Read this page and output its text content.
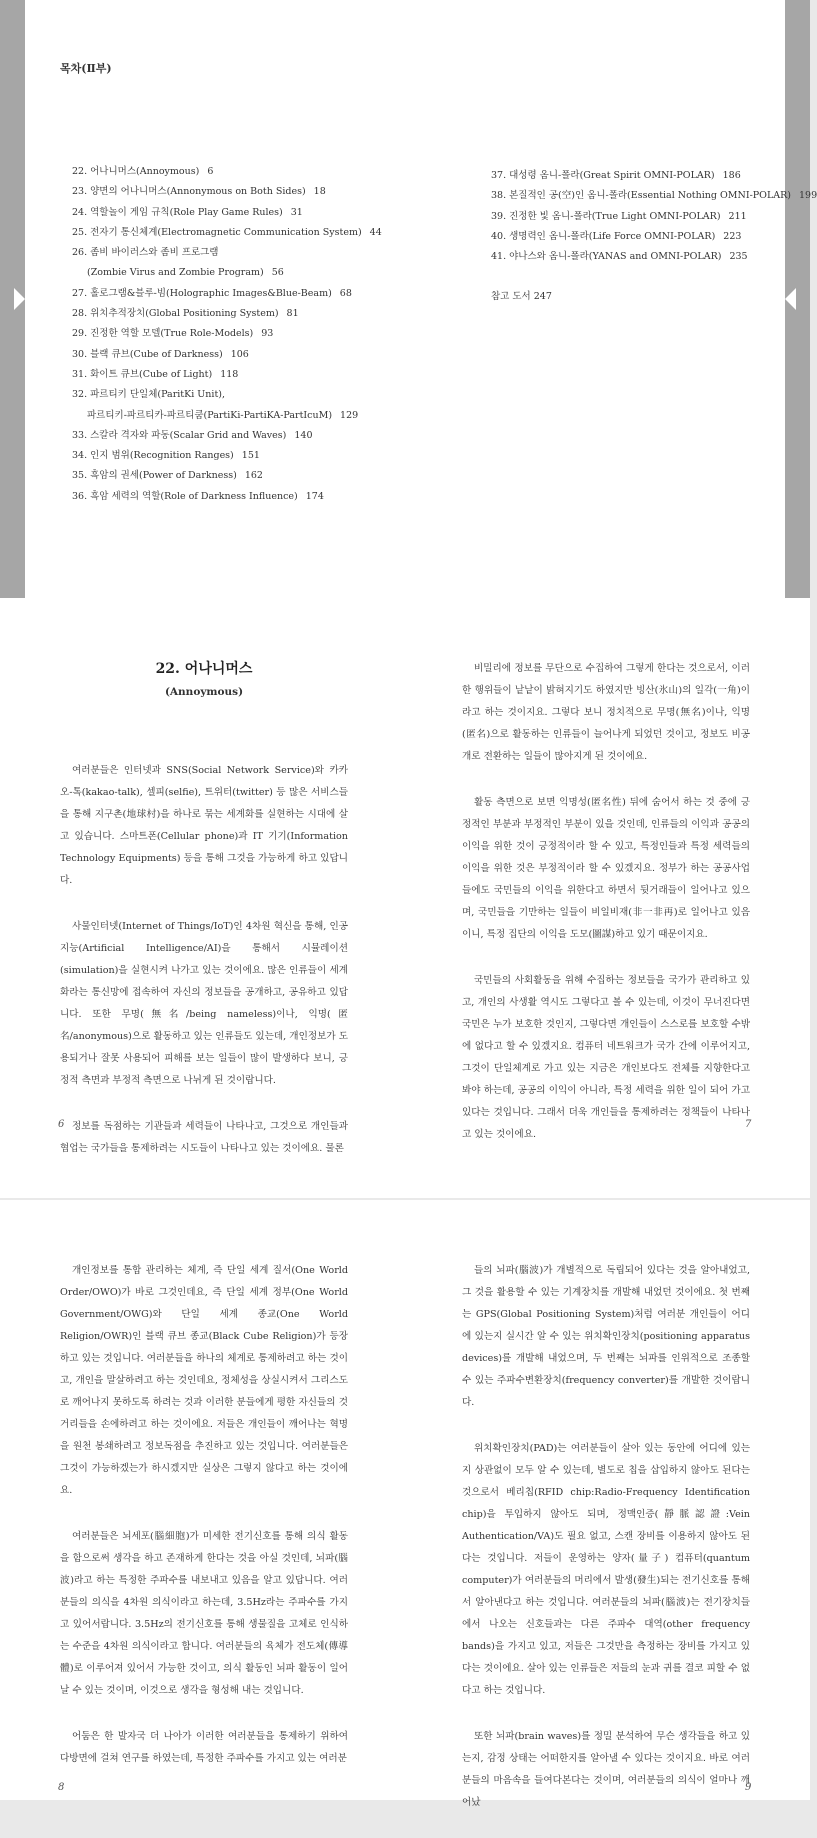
목차(Ⅱ부)
22. 어나니머스(Annoymous) 6
23. 양면의 어나니머스(Annonymous on Both Sides) 18
24. 역할놀이 게임 규칙(Role Play Game Rules) 31
25. 전자기 통신체계(Electromagnetic Communication System) 44
26. 좀비 바이러스와 좀비 프로그램
(Zombie Virus and Zombie Program) 56
27. 홀로그램&블루-빔(Holographic Images&Blue-Beam) 68
28. 위치추적장치(Global Positioning System) 81
29. 진정한 역할 모델(True Role-Models) 93
30. 블랙 큐브(Cube of Darkness) 106
31. 화이트 큐브(Cube of Light) 118
32. 파르티키 단일체(ParitKi Unit),
파르티키-파르티카-파르티쿰(PartiKi-PartiKA-PartIcuM) 129
33. 스칼라 격자와 파동(Scalar Grid and Waves) 140
34. 인지 범위(Recognition Ranges) 151
35. 흑암의 권세(Power of Darkness) 162
36. 흑암 세력의 역할(Role of Darkness Influence) 174
37. 대성령 옴니-폴라(Great Spirit OMNI-POLAR) 186
38. 본질적인 공(空)인 옴니-폴라(Essential Nothing OMNI-POLAR) 199
39. 진정한 빛 옴니-폴라(True Light OMNI-POLAR) 211
40. 생명력인 옴니-폴라(Life Force OMNI-POLAR) 223
41. 야나스와 옴니-폴라(YANAS and OMNI-POLAR) 235
참고 도서 247
22. 어나니머스
(Annoymous)

여러분들은 인터넷과 SNS(Social Network Service)와 카카오-톡(kakao-talk), 셀피(selfie), 트위터(twitter) 등 많은 서비스들을 통해 지구촌(地球村)을 하나로 묶는 세계화를 실현하는 시대에 살고 있습니다. 스마트폰(Cellular phone)과 IT 기기(Information Technology Equipments) 등을 통해 그것을 가능하게 하고 있답니다.

사물인터넷(Internet of Things/IoT)인 4차원 혁신을 통해, 인공지능(Artificial Intelligence/AI)을 통해서 시뮬레이션(simulation)을 실현시켜 나가고 있는 것이에요. 많은 인류들이 세계화라는 통신망에 접속하여 자신의 정보들을 공개하고, 공유하고 있답니다. 또한 무명(無名/being nameless)이나, 익명(匿名/anonymous)으로 활동하고 있는 인류들도 있는데, 개인정보가 도용되거나 잘못 사용되어 피해를 보는 일들이 많이 발생하다 보니, 긍정적 측면과 부정적 측면으로 나뉘게 된 것이랍니다.

정보를 독점하는 기관들과 세력들이 나타나고, 그것으로 개인들과 협업는 국가들을 통제하려는 시도들이 나타나고 있는 것이에요. 물론

비밀리에 정보를 무단으로 수집하여 그렇게 한다는 것으로서, 이러한 행위들이 낱낱이 밝혀지기도 하였지만 빙산(氷山)의 일각(一角)이라고 하는 것이지요. 그렇다 보니 정치적으로 무명(無名)이나, 익명(匿名)으로 활동하는 인류들이 늘어나게 되었던 것이고, 정보도 비공개로 전환하는 일들이 많아지게 된 것이에요.

활동 측면으로 보면 익명성(匿名性) 뒤에 숨어서 하는 것 중에 긍정적인 부분과 부정적인 부분이 있을 것인데, 인류들의 이익과 공공의 이익을 위한 것이 긍정적이라 할 수 있고, 특정인들과 특정 세력들의 이익을 위한 것은 부정적이라 할 수 있겠지요. 정부가 하는 공공사업들에도 국민들의 이익을 위한다고 하면서 뒷거래들이 일어나고 있으며, 국민들을 기만하는 일들이 비일비재(非一非再)로 일어나고 있음이니, 특정 집단의 이익을 도모(圖謀)하고 있기 때문이지요.

국민들의 사회활동을 위해 수집하는 정보들을 국가가 관리하고 있고, 개인의 사생활 역시도 그렇다고 볼 수 있는데, 이것이 무너진다면 국민은 누가 보호한 것인지, 그렇다면 개인들이 스스로를 보호할 수밖에 없다고 할 수 있겠지요. 컴퓨터 네트워크가 국가 간에 이루어지고, 그것이 단일체계로 가고 있는 지금은 개인보다도 전체를 지향한다고 봐야 하는데, 공공의 이익이 아니라, 특정 세력을 위한 일이 되어 가고 있다는 것입니다. 그래서 더욱 개인들을 통제하려는 정책들이 나타나고 있는 것이에요.

6	7

개인정보를 통합 관리하는 체계, 즉 단일 세계 질서(One World Order/OWO)가 바로 그것인데요, 즉 단일 세계 정부(One World Government/OWG)와 단일 세계 종교(One World Religion/OWR)인 블랙 큐브 종교(Black Cube Religion)가 등장하고 있는 것입니다. 여러분들을 하나의 체계로 통제하려고 하는 것이고, 개인을 말살하려고 하는 것인데요, 정체성을 상실시켜서 그리스도로 깨어나지 못하도록 하려는 것과 이러한 분들에게 평한 자신들의 것거리들을 손에하려고 하는 것이에요. 저들은 개인들이 깨어나는 혁명을 원천 봉쇄하려고 정보독점을 추진하고 있는 것입니다. 여러분들은 그것이 가능하겠는가 하시겠지만 실상은 그렇지 않다고 하는 것이에요.

여러분들은 뇌세포(腦細胞)가 미세한 전기신호를 통해 의식 활동을 함으로써 생각을 하고 존재하게 한다는 것을 아실 것인데, 뇌파(腦波)라고 하는 특정한 주파수를 내보내고 있음을 알고 있답니다. 여러분들의 의식을 4차원 의식이라고 하는데, 3.5Hz라는 주파수를 가지고 있어서랍니다. 3.5Hz의 전기신호를 통해 생물질을 고체로 인식하는 수준을 4차원 의식이라고 합니다. 여러분들의 육체가 전도체(傳導體)로 이루어져 있어서 가능한 것이고, 의식 활동인 뇌파 활동이 일어날 수 있는 것이며, 이것으로 생각을 형성해 내는 것입니다.

어둠은 한 발자국 더 나아가 이러한 여러분들을 통제하기 위하여 다방면에 걸쳐 연구를 하였는데, 특정한 주파수를 가지고 있는 여러분

들의 뇌파(腦波)가 개별적으로 독립되어 있다는 것을 알아내었고, 그 것을 활용할 수 있는 기계장치를 개발해 내었던 것이에요. 첫 번째는 GPS(Global Positioning System)처럼 여러분 개인들이 어디에 있는지 실시간 알 수 있는 위치확인장치(positioning apparatus devices)를 개발해 내었으며, 두 번째는 뇌파를 인위적으로 조종할 수 있는 주파수변환장치(frequency converter)를 개발한 것이랍니다.

위치확인장치(PAD)는 여러분들이 살아 있는 동안에 어디에 있는지 상관없이 모두 알 수 있는데, 별도로 칩을 삽입하지 않아도 된다는 것으로서 베리칩(RFID chip:Radio-Frequency Identification chip)을 투입하지 않아도 되며, 정맥인증(靜脈認證:Vein Authentication/VA)도 필요 없고, 스캔 장비를 이용하지 않아도 된다는 것입니다. 저들이 운영하는 양자(量子) 컴퓨터(quantum computer)가 여러분들의 머리에서 발생(發生)되는 전기신호를 통해서 알아낸다고 하는 것입니다. 여러분들의 뇌파(腦波)는 전기장치들에서 나오는 신호들과는 다른 주파수 대역(other frequency bands)을 가지고 있고, 저들은 그것만을 측정하는 장비를 가지고 있다는 것이에요. 살아 있는 인류들은 저들의 눈과 귀를 결코 피할 수 없다고 하는 것입니다.

또한 뇌파(brain waves)를 정밀 분석하여 무슨 생각들을 하고 있는지, 감정 상태는 어떠한지를 알아낼 수 있다는 것이지요. 바로 여러분들의 마음속을 들여다본다는 것이며, 여러분들의 의식이 얼마나 깨어났

8	9
